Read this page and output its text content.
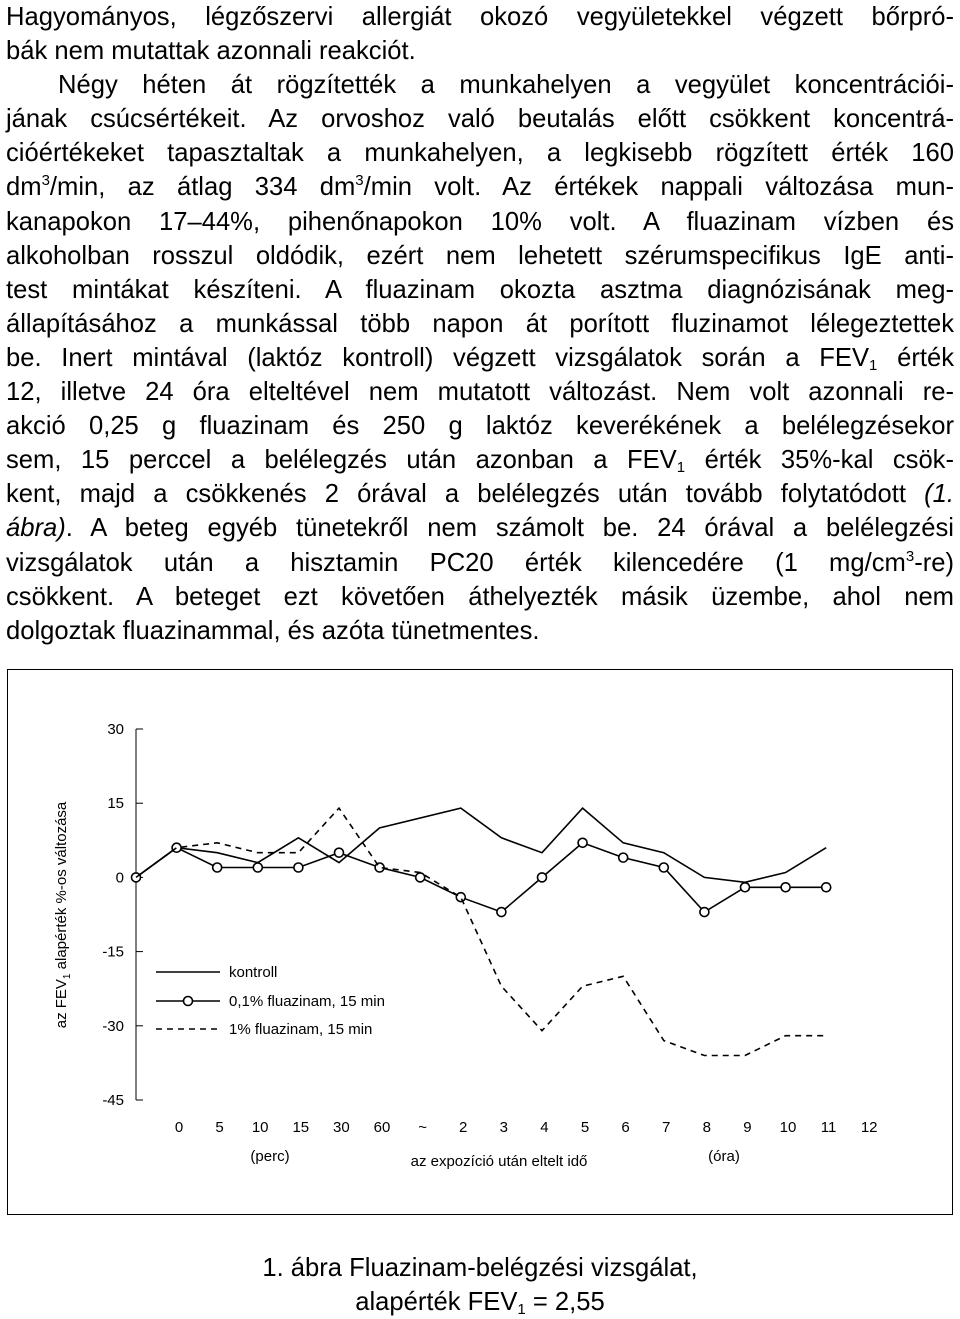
Hagyományos, légzőszervi allergiát okozó vegyületekkel végzett bőrpró-
bák nem mutattak azonnali reakciót.
Négy héten át rögzítették a munkahelyen a vegyület koncentrációi-
jának csúcsértékeit. Az orvoshoz való beutalás előtt csökkent koncentrá-
cióértékeket tapasztaltak a munkahelyen, a legkisebb rögzített érték 160
$dm^3/\min$, az átlag 334 $dm^3/\min$ volt. Az értékek nappali változása mun-
kanapokon 17–44%, pihenőnapokon 10% volt. A fluazinam vízben és
alkoholban rosszul oldódik, ezért nem lehetett szérumspecifikus IgE anti-
test mintákat készíteni. A fluazinam okozta asztma diagnózisának meg-
állapításához a munkással több napon át porított fluzinamot lélegeztettek
be. Inert mintával (laktóz kontroll) végzett vizsgálatok során a $FEV_1$ érték
12, illetve 24 óra elteltével nem mutatott változást. Nem volt azonnali re-
akció 0,25 g fluazinam és 250 g laktóz keverékének a belélegzésekor
sem, 15 perccel a belélegzés után azonban a $FEV_1$ érték 35%-kal csök-
kent, majd a csökkenés 2 órával a belélegzés után tovább folytatódott (1.
ábra). A beteg egyéb tünetekről nem számolt be. 24 órával a belélegzési
vizsgálatok után a hisztamin PC20 érték kilencedére (1 $mg/cm^3-re$)
csökkent. A beteget ezt követően áthelyezték másik üzembe, ahol nem
dolgoztak fluazinammal, és azóta tünetmentes.
30
15
0
-15
-30
-45
0 5 10 15 30 60 ~ 2 3 4 5 6 7 8 9 10 11 12
kontroll
0,1% fluazinam, 15 min
1% fluazinam, 15 min
az $FEV_1$ alapérték %-os változása
(perc)	az expozíció után eltelt idő	(óra)
1. ábra Fluazinam-belégzési vizsgálat,
alapérték $FEV_1 = 2,55$
